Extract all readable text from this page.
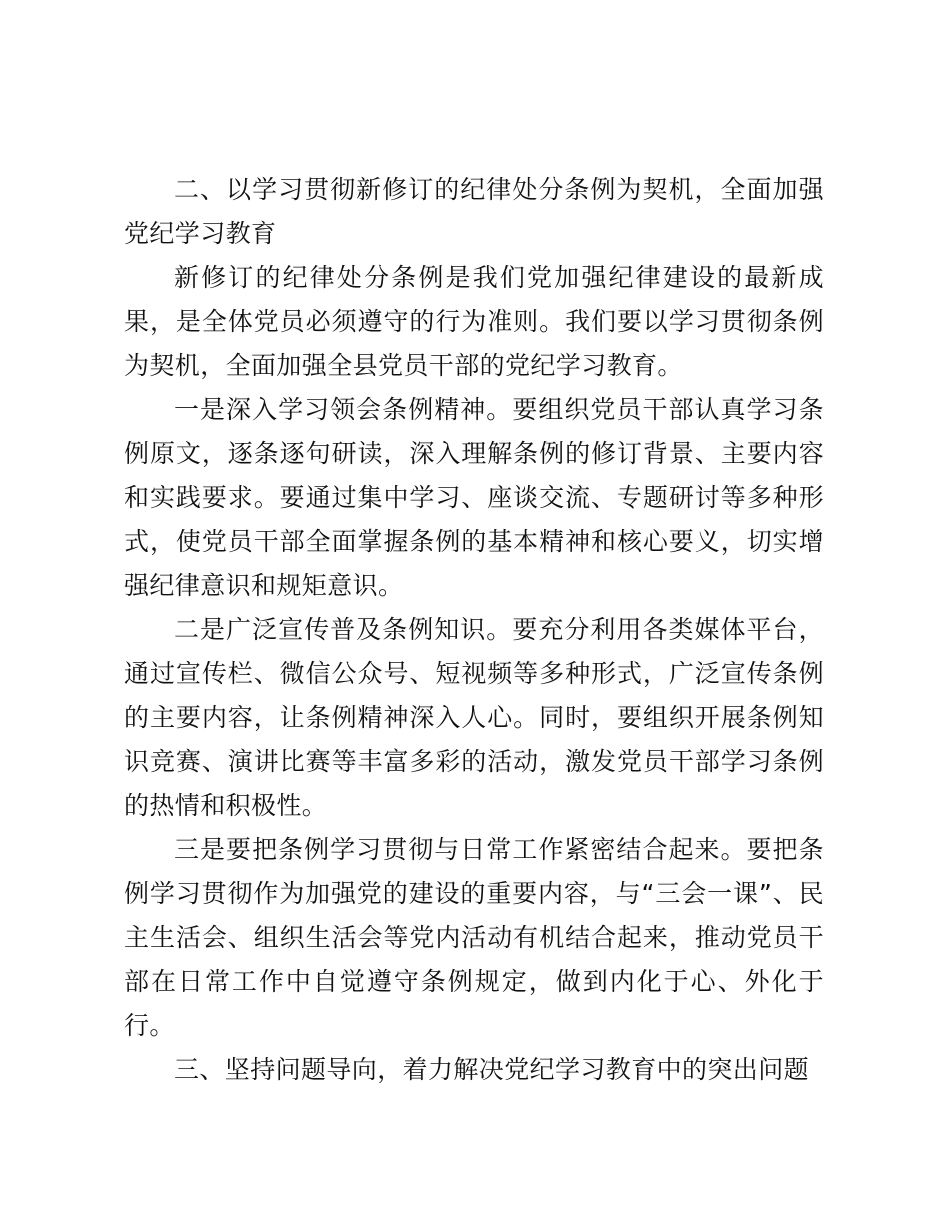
二、以学习贯彻新修订的纪律处分条例为契机，全面加强党纪学习教育

新修订的纪律处分条例是我们党加强纪律建设的最新成果，是全体党员必须遵守的行为准则。我们要以学习贯彻条例为契机，全面加强全县党员干部的党纪学习教育。

一是深入学习领会条例精神。要组织党员干部认真学习条例原文，逐条逐句研读，深入理解条例的修订背景、主要内容和实践要求。要通过集中学习、座谈交流、专题研讨等多种形式，使党员干部全面掌握条例的基本精神和核心要义，切实增强纪律意识和规矩意识。

二是广泛宣传普及条例知识。要充分利用各类媒体平台，通过宣传栏、微信公众号、短视频等多种形式，广泛宣传条例的主要内容，让条例精神深入人心。同时，要组织开展条例知识竞赛、演讲比赛等丰富多彩的活动，激发党员干部学习条例的热情和积极性。

三是要把条例学习贯彻与日常工作紧密结合起来。要把条例学习贯彻作为加强党的建设的重要内容，与“三会一课”、民主生活会、组织生活会等党内活动有机结合起来，推动党员干部在日常工作中自觉遵守条例规定，做到内化于心、外化于行。

三、坚持问题导向，着力解决党纪学习教育中的突出问题
